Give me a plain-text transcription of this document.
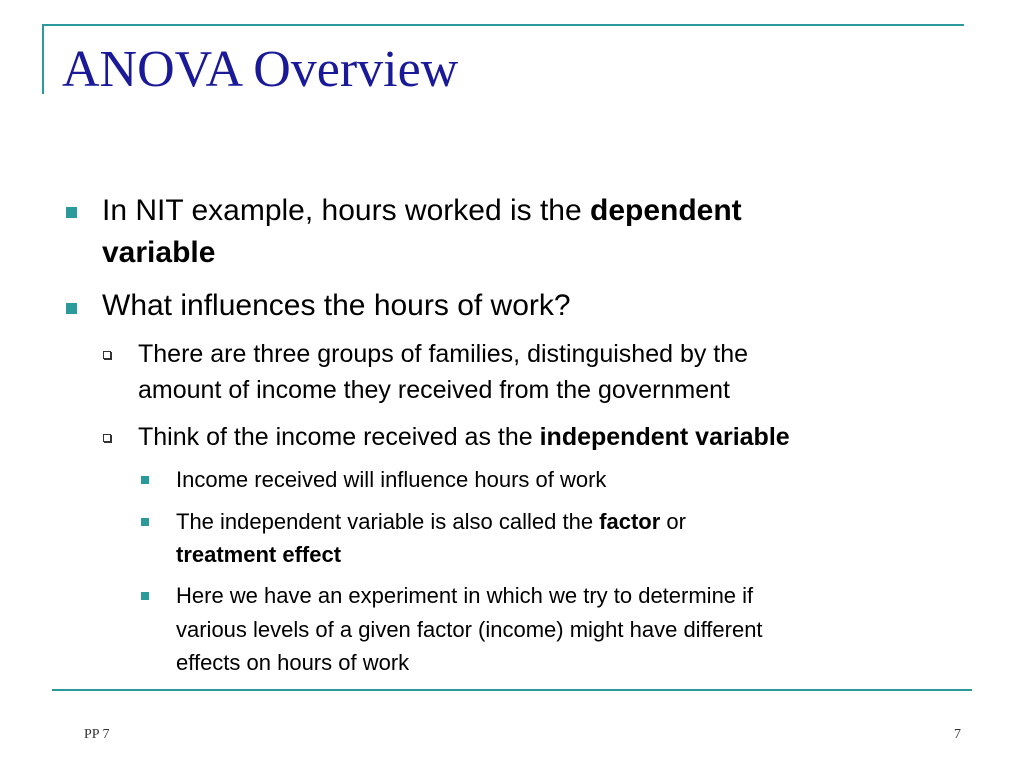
ANOVA Overview
In NIT example, hours worked is the dependent
variable
What influences the hours of work?
There are three groups of families, distinguished by the
amount of income they received from the government
Think of the income received as the independent variable
Income received will influence hours of work
The independent variable is also called the factor or
treatment effect
Here we have an experiment in which we try to determine if
various levels of a given factor (income) might have different
effects on hours of work
PP 7	7
